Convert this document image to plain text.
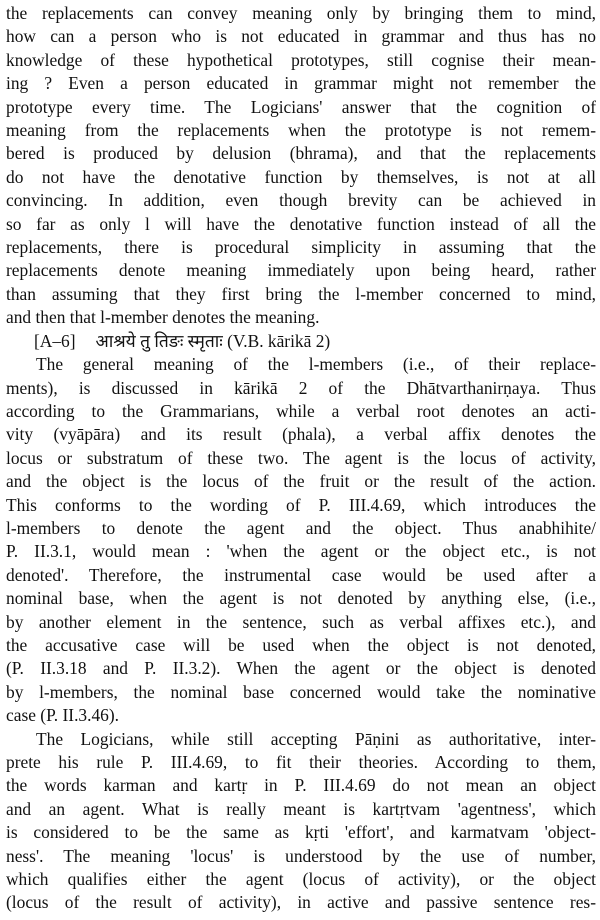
the replacements can convey meaning only by bringing them to mind,
how can a person who is not educated in grammar and thus has no
knowledge of these hypothetical prototypes, still cognise their mean-
ing ? Even a person educated in grammar might not remember the
prototype every time. The Logicians' answer that the cognition of
meaning from the replacements when the prototype is not remem-
bered is produced by delusion (bhrama), and that the replacements
do not have the denotative function by themselves, is not at all
convincing. In addition, even though brevity can be achieved in
so far as only l will have the denotative function instead of all the
replacements, there is procedural simplicity in assuming that the
replacements denote meaning immediately upon being heard, rather
than assuming that they first bring the l-member concerned to mind,
and then that l-member denotes the meaning.

[A–6] आश्रये तु तिङः स्मृताः (V.B. kārikā 2)

The general meaning of the l-members (i.e., of their replace-
ments), is discussed in kārikā 2 of the Dhātvarthanirṇaya. Thus
according to the Grammarians, while a verbal root denotes an acti-
vity (vyāpāra) and its result (phala), a verbal affix denotes the
locus or substratum of these two. The agent is the locus of activity,
and the object is the locus of the fruit or the result of the action.
This conforms to the wording of P. III.4.69, which introduces the
l-members to denote the agent and the object. Thus anabhihite/
P. II.3.1, would mean : 'when the agent or the object etc., is not
denoted'. Therefore, the instrumental case would be used after a
nominal base, when the agent is not denoted by anything else, (i.e.,
by another element in the sentence, such as verbal affixes etc.), and
the accusative case will be used when the object is not denoted,
(P. II.3.18 and P. II.3.2). When the agent or the object is denoted
by l-members, the nominal base concerned would take the nominative
case (P. II.3.46).

The Logicians, while still accepting Pāṇini as authoritative, inter-
prete his rule P. III.4.69, to fit their theories. According to them,
the words karman and kartṛ in P. III.4.69 do not mean an object
and an agent. What is really meant is kartṛtvam 'agentness', which
is considered to be the same as kṛti 'effort', and karmatvam 'object-
ness'. The meaning 'locus' is understood by the use of number,
which qualifies either the agent (locus of activity), or the object
(locus of the result of activity), in active and passive sentence res-
